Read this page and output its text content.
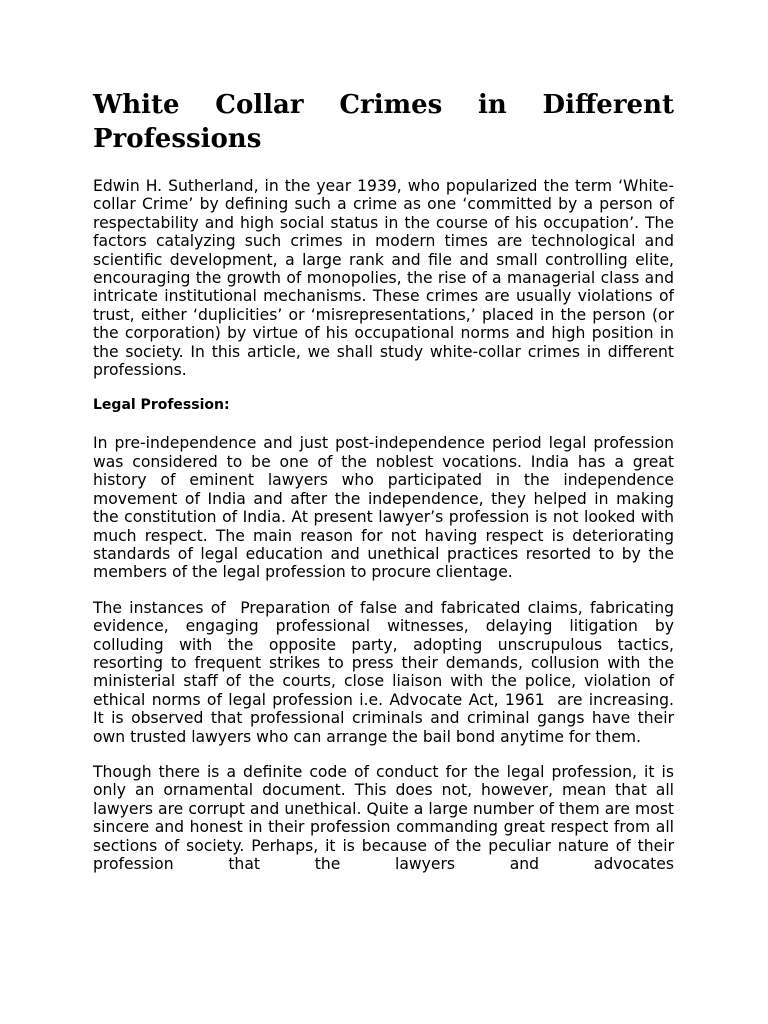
White Collar Crimes in Different
Professions

Edwin H. Sutherland, in the year 1939, who popularized the term ‘White-collar Crime’ by defining such a crime as one ‘committed by a person of respectability and high social status in the course of his occupation’. The factors catalyzing such crimes in modern times are technological and scientific development, a large rank and file and small controlling elite, encouraging the growth of monopolies, the rise of a managerial class and intricate institutional mechanisms. These crimes are usually violations of trust, either ‘duplicities’ or ‘misrepresentations,’ placed in the person (or the corporation) by virtue of his occupational norms and high position in the society. In this article, we shall study white-collar crimes in different professions.

Legal Profession:

In pre-independence and just post-independence period legal profession was considered to be one of the noblest vocations. India has a great history of eminent lawyers who participated in the independence movement of India and after the independence, they helped in making the constitution of India. At present lawyer’s profession is not looked with much respect. The main reason for not having respect is deteriorating standards of legal education and unethical practices resorted to by the members of the legal profession to procure clientage.

The instances of  Preparation of false and fabricated claims, fabricating evidence, engaging professional witnesses, delaying litigation by colluding with the opposite party, adopting unscrupulous tactics, resorting to frequent strikes to press their demands, collusion with the ministerial staff of the courts, close liaison with the police, violation of ethical norms of legal profession i.e. Advocate Act, 1961  are increasing. It is observed that professional criminals and criminal gangs have their own trusted lawyers who can arrange the bail bond anytime for them.

Though there is a definite code of conduct for the legal profession, it is only an ornamental document. This does not, however, mean that all lawyers are corrupt and unethical. Quite a large number of them are most sincere and honest in their profession commanding great respect from all sections of society. Perhaps, it is because of the peculiar nature of their profession that the lawyers and advocates
